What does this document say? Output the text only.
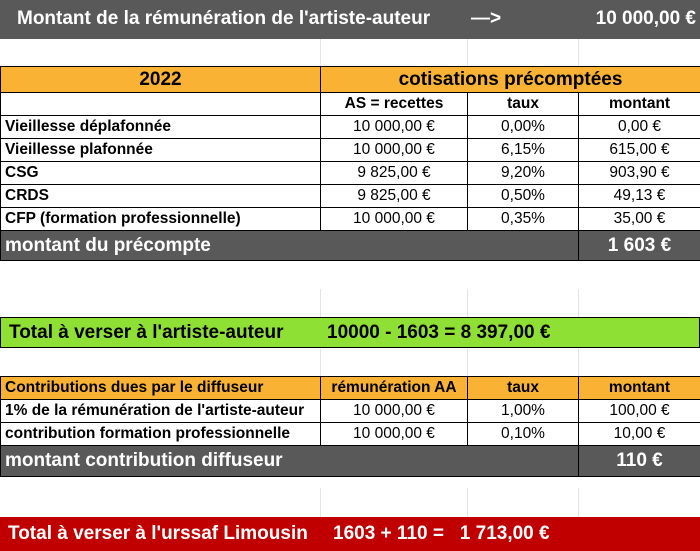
Montant de la rémunération de l'artiste-auteur —>	10 000,00 €
2022	cotisations précomptées		
	AS = recettes	taux	montant
Vieillesse déplafonnée	10 000,00 €	0,00%	0,00 €
Vieillesse plafonnée	10 000,00 €	6,15%	615,00 €
CSG	9 825,00 €	9,20%	903,90 €
CRDS	9 825,00 €	0,50%	49,13 €
CFP (formation professionnelle)	10 000,00 €	0,35%	35,00 €
montant du précompte			1 603 €
Total à verser à l'artiste-auteur 10000 - 1603 = 8 397,00 €
Contributions dues par le diffuseur	rémunération AA	taux	montant
1% de la rémunération de l'artiste-auteur	10 000,00 €	1,00%	100,00 €
contribution formation professionnelle	10 000,00 €	0,10%	10,00 €
montant contribution diffuseur			110 €
Total à verser à l'urssaf Limousin 1603 + 110 =   1 713,00 €
